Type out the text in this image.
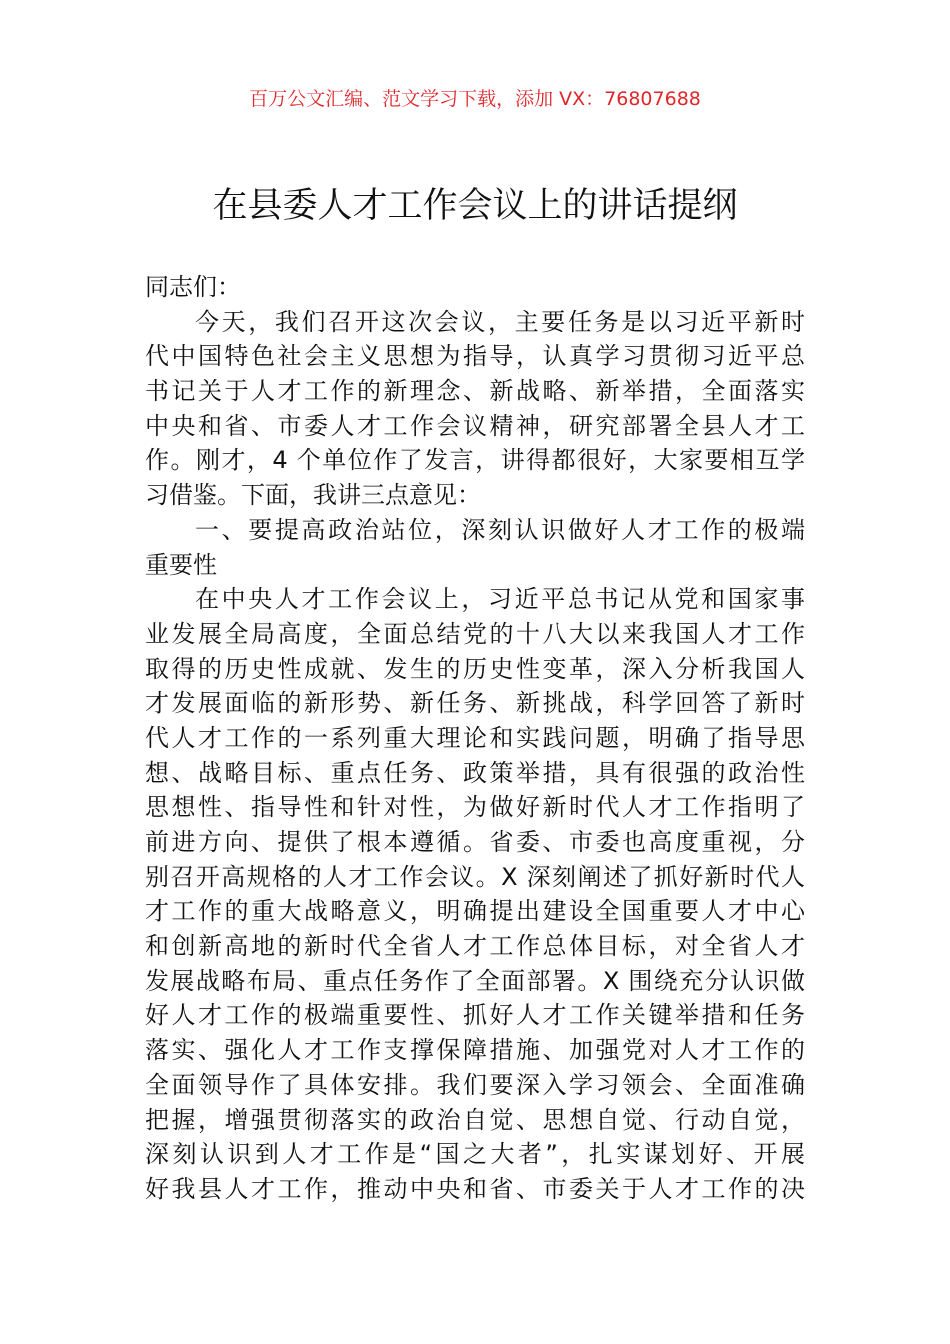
百万公文汇编、范文学习下载，添加 VX：76807688
在县委人才工作会议上的讲话提纲
同志们：
今天，我们召开这次会议，主要任务是以习近平新时
代中国特色社会主义思想为指导，认真学习贯彻习近平总
书记关于人才工作的新理念、新战略、新举措，全面落实
中央和省、市委人才工作会议精神，研究部署全县人才工
作。刚才，4 个单位作了发言，讲得都很好，大家要相互学
习借鉴。下面，我讲三点意见：
一、要提高政治站位，深刻认识做好人才工作的极端
重要性
在中央人才工作会议上，习近平总书记从党和国家事
业发展全局高度，全面总结党的十八大以来我国人才工作
取得的历史性成就、发生的历史性变革，深入分析我国人
才发展面临的新形势、新任务、新挑战，科学回答了新时
代人才工作的一系列重大理论和实践问题，明确了指导思
想、战略目标、重点任务、政策举措，具有很强的政治性
思想性、指导性和针对性，为做好新时代人才工作指明了
前进方向、提供了根本遵循。省委、市委也高度重视，分
别召开高规格的人才工作会议。X 深刻阐述了抓好新时代人
才工作的重大战略意义，明确提出建设全国重要人才中心
和创新高地的新时代全省人才工作总体目标，对全省人才
发展战略布局、重点任务作了全面部署。X 围绕充分认识做
好人才工作的极端重要性、抓好人才工作关键举措和任务
落实、强化人才工作支撑保障措施、加强党对人才工作的
全面领导作了具体安排。我们要深入学习领会、全面准确
把握，增强贯彻落实的政治自觉、思想自觉、行动自觉，
深刻认识到人才工作是“国之大者”，扎实谋划好、开展
好我县人才工作，推动中央和省、市委关于人才工作的决
